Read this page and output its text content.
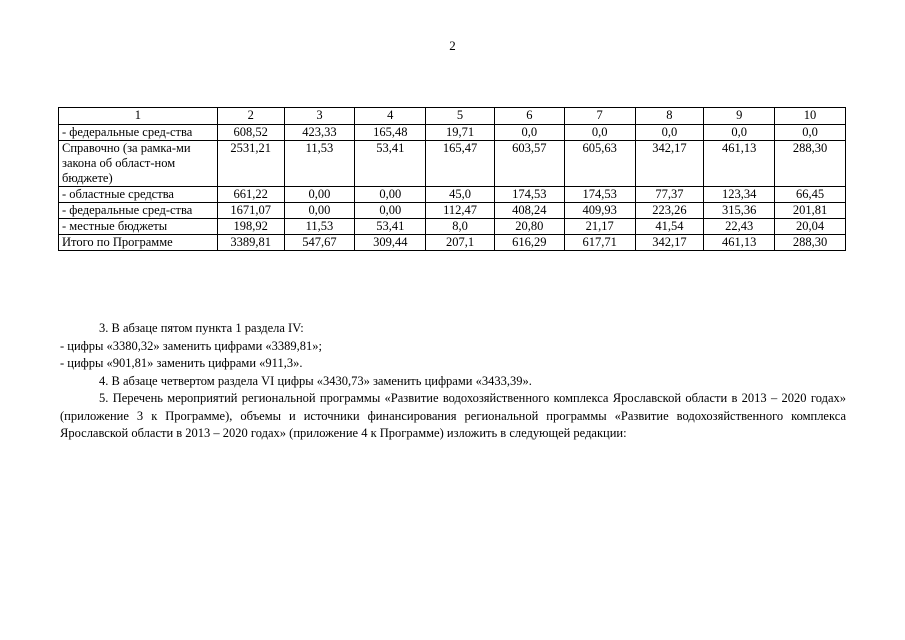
2
1	2	3	4	5	6	7	8	9	10
- федеральные сред-ства	608,52	423,33	165,48	19,71	0,0	0,0	0,0	0,0	0,0
Справочно (за рамка-ми закона об област-ном бюджете)	2531,21	11,53	53,41	165,47	603,57	605,63	342,17	461,13	288,30
- областные средства	661,22	0,00	0,00	45,0	174,53	174,53	77,37	123,34	66,45
- федеральные сред-ства	1671,07	0,00	0,00	112,47	408,24	409,93	223,26	315,36	201,81
- местные бюджеты	198,92	11,53	53,41	8,0	20,80	21,17	41,54	22,43	20,04
Итого по Программе	3389,81	547,67	309,44	207,1	616,29	617,71	342,17	461,13	288,30

3. В абзаце пятом пункта 1 раздела IV:

- цифры «3380,32» заменить цифрами «3389,81»;

- цифры «901,81» заменить цифрами «911,3».

4. В абзаце четвертом раздела VI цифры «3430,73» заменить цифрами «3433,39».

5. Перечень мероприятий региональной программы «Развитие водохозяйственного комплекса Ярославской области в 2013 – 2020 годах» (приложение 3 к Программе), объемы и источники финансирования региональной программы «Развитие водохозяйственного комплекса Ярославской области в 2013 – 2020 годах» (приложение 4 к Программе) изложить в следующей редакции:
